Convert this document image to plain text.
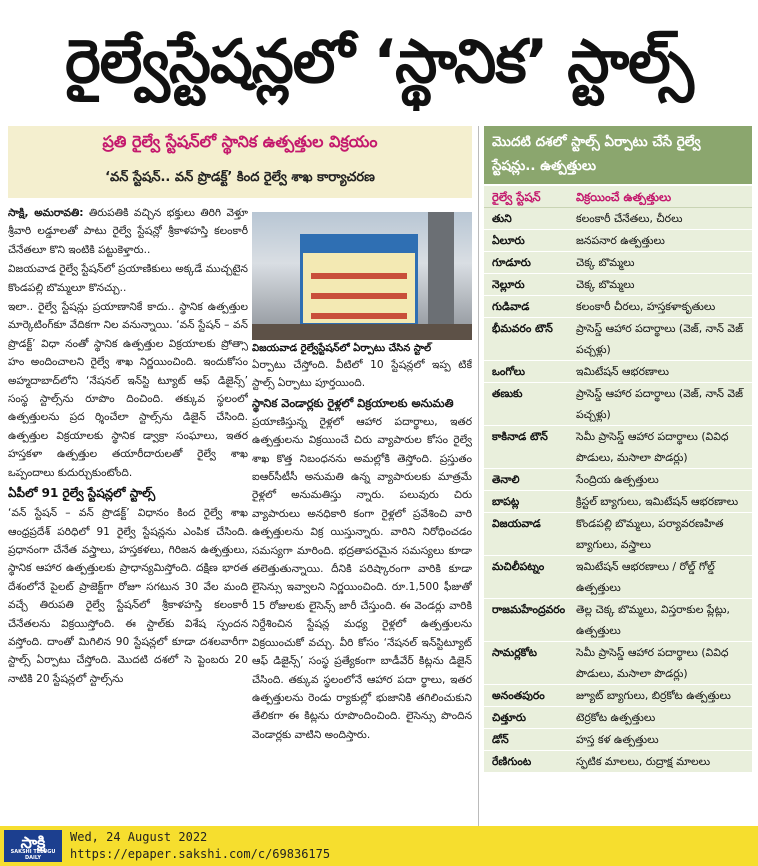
రైల్వేస్టేషన్లలో ‘స్థానిక’ స్టాల్స్
ప్రతి రైల్వే స్టేషన్‌లో స్థానిక ఉత్పత్తుల విక్రయం
‘వన్ స్టేషన్.. వన్ ప్రొడక్ట్’ కింద రైల్వే శాఖ కార్యాచరణ

సాక్షి, అమరావతి: తిరుపతికి వచ్చిన భక్తులు తిరిగి వెళ్తూ శ్రీవారి లడ్డూలతో పాటు రైల్వే స్టేషన్లో శ్రీకాళహస్తి కలంకారీ చేనేతలూ కొని ఇంటికి పట్టుకెళ్తారు..

విజయవాడ రైల్వే స్టేషన్‌లో ప్రయాణికులు అక్కడే ముచ్చటైన కొండపల్లి బొమ్మలూ కొనచ్చు..

ఇలా.. రైల్వే స్టేషన్లు ప్రయాణానికే కాదు.. స్థానిక ఉత్పత్తుల మార్కెటింగ్‌కూ వేదికగా నిల వనున్నాయి. ‘వన్ స్టేషన్ – వన్ ప్రొడక్ట్’ విధా నంతో స్థానిక ఉత్పత్తుల విక్రయాలకు ప్రోత్సా హం అందించాలని రైల్వే శాఖ నిర్ణయించింది. ఇందుకోసం అహ్మదాబాద్‌లోని ‘నేషనల్ ఇన్‌స్టి ట్యూట్ ఆఫ్ డిజైన్స్’ సంస్థ స్టాల్స్‌ను రూపొం దించింది. తక్కువ స్థలంలో ఉత్పత్తులను ప్రద ర్శించేలా స్టాల్స్‌ను డిజైన్ చేసింది. ఉత్పత్తుల విక్రయాలకు స్థానిక డ్వాక్రా సంఘాలు, ఇతర హస్తకళా ఉత్పత్తుల తయారీదారులతో రైల్వే శాఖ ఒప్పందాలు కుదుర్చుకుంటోంది.

ఏపీలో 91 రైల్వే స్టేషన్లలో స్టాల్స్

‘వన్ స్టేషన్ – వన్ ప్రొడక్ట్’ విధానం కింద రైల్వే శాఖ ఆంధ్రప్రదేశ్ పరిధిలో 91 రైల్వే స్టేషన్లను ఎంపిక చేసింది. ప్రధానంగా చేనేత వస్త్రాలు, హస్తకళలు, గిరిజన ఉత్పత్తులు, స్థానిక ఆహార ఉత్పత్తులకు ప్రాధాన్యమిస్తోంది. దక్షిణ భారత దేశంలోనే పైలట్ ప్రాజెక్ట్‌గా రోజూ సగటున 30 వేల మంది వచ్చే తిరుపతి రైల్వే స్టేషన్‌లో శ్రీకాళహస్తి కలంకారీ చేనేతలను విక్రయిస్తోంది. ఈ స్టాల్‌కు విశేష స్పందన వస్తోంది. దాంతో మిగిలిన 90 స్టేషన్లలో కూడా దశలవారీగా స్టాల్స్ ఏర్పాటు చేస్తోంది. మొదటి దశలో సె ప్టెంబరు 20 నాటికి 20 స్టేషన్లలో స్టాల్స్‌ను

విజయవాడ రైల్వేస్టేషన్‌లో ఏర్పాటు చేసిన స్టాల్

ఏర్పాటు చేస్తోంది. వీటిలో 10 స్టేషన్లలో ఇప్ప టికే స్టాల్స్ ఏర్పాటు పూర్తయింది.

స్థానిక వెండార్లకు రైళ్లలో విక్రయాలకు అనుమతి

ప్రయాణిస్తున్న రైళ్లలో ఆహార పదార్థాలు, ఇతర ఉత్పత్తులను విక్రయించే చిరు వ్యాపారుల కోసం రైల్వే శాఖ కొత్త నిబంధనను అమల్లోకి తెస్తోంది. ప్రస్తుతం ఐఆర్‌సీటీసీ అనుమతి ఉన్న వ్యాపారులకు మాత్రమే రైళ్లలో అనుమతిస్తు న్నారు. పలువురు చిరు వ్యాపారులు అనధికారి కంగా రైళ్లలో ప్రవేశించి వారి ఉత్పత్తులను విక్ర యిస్తున్నారు. వారిని నిరోధించడం సమస్యగా మారింది. భద్రతాపరమైన సమస్యలు కూడా తలెత్తుతున్నాయి. దీనికి పరిష్కారంగా వారికి కూడా లైసెన్సు ఇవ్వాలని నిర్ణయించింది. రూ.1,500 ఫీజుతో 15 రోజులకు లైసెన్స్ జారీ చేస్తుంది. ఈ వెండర్లు వారికి నిర్దేశించిన స్టేషన్ల మధ్య రైళ్లలో ఉత్పత్తులను విక్రయించుకో వచ్చు. వీరి కోసం ‘నేషనల్ ఇన్‌స్టిట్యూట్ ఆఫ్ డిజైన్స్’ సంస్థ ప్రత్యేకంగా బాడీవేర్ కిట్లను డిజైన్ చేసింది. తక్కువ స్థలంలోనే ఆహార పదా ర్థాలు, ఇతర ఉత్పత్తులను రెండు ర్యాకుల్లో భుజానికి తగిలించుకుని తేలిక‌గా ఈ కిట్లను రూపొందించింది. లైసెన్సు పొందిన వెండార్లకు వాటిని అందిస్తారు.

మొదటి దశలో స్టాల్స్ ఏర్పాటు చేసే రైల్వే స్టేషన్లు.. ఉత్పత్తులు
రైల్వే స్టేషన్	విక్రయించే ఉత్పత్తులు
తుని	కలంకారీ చేనేతలు, చీరలు
ఏలూరు	జనపనార ఉత్పత్తులు
గూడూరు	చెక్క బొమ్మలు
నెల్లూరు	చెక్క బొమ్మలు
గుడివాడ	కలంకారీ చీరలు, హస్తకళాకృతులు
భీమవరం టౌన్	ప్రాసెస్డ్ ఆహార పదార్థాలు (వెజ్, నాన్ వెజ్ పచ్చళ్లు)
ఒంగోలు	ఇమిటేషన్ ఆభరణాలు
తణుకు	ప్రాసెస్డ్ ఆహార పదార్థాలు (వెజ్, నాన్ వెజ్ పచ్చళ్లు)
కాకినాడ టౌన్	సెమీ ప్రాసెస్డ్ ఆహార పదార్థాలు (వివిధ పొడులు, మసాలా పొడర్లు)
తెనాలి	సేంద్రియ ఉత్పత్తులు
బాపట్ల	క్రిస్టల్ బ్యాగులు, ఇమిటేషన్ ఆభరణాలు
విజయవాడ	కొండపల్లి బొమ్మలు, పర్యావరణహిత బ్యాగులు, వస్త్రాలు
మచిలీపట్నం	ఇమిటేషన్ ఆభరణాలు / రోల్డ్ గోల్డ్ ఉత్పత్తులు
రాజమహేంద్రవరం	తెల్ల చెక్క బొమ్మలు, విస్తరాకుల ప్లేట్లు, ఉత్పత్తులు
సామర్లకోట	సెమీ ప్రాసెస్డ్ ఆహార పదార్థాలు (వివిధ పొడులు, మసాలా పొడర్లు)
అనంతపురం	జ్యూట్ బ్యాగులు, బిర్రకోట ఉత్పత్తులు
చిత్తూరు	టెర్రకోట ఉత్పత్తులు
డోన్	హస్త కళ ఉత్పత్తులు
రేణిగుంట	స్ఫటిక మాలలు, రుద్రాక్ష మాలలు
సాక్షి
SAKSHI TELUGU DAILY
Wed, 24 August 2022
https://epaper.sakshi.com/c/69836175
